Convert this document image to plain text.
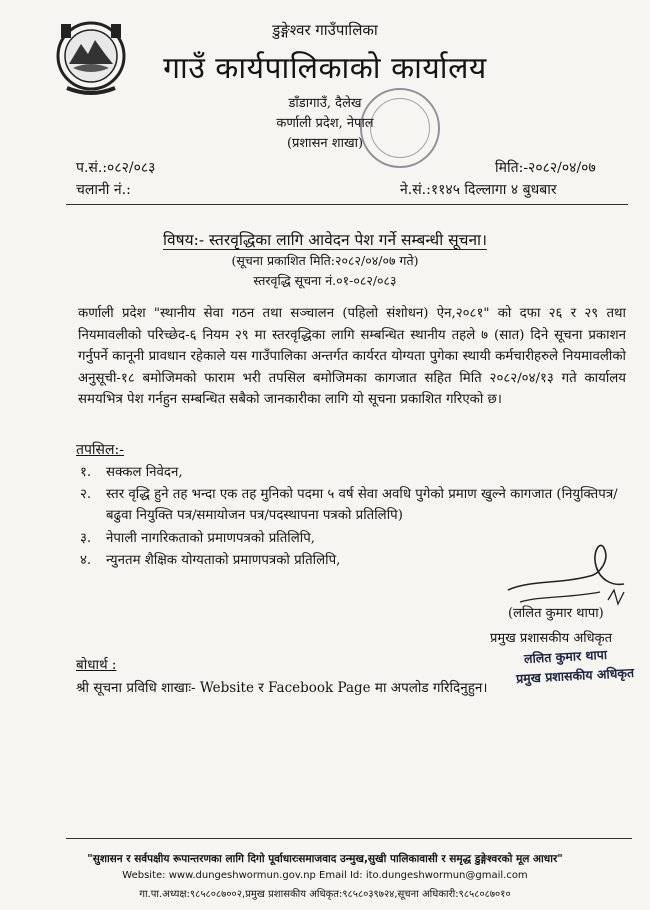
डुङ्गेश्वर गाउँपालिका
गाउँ कार्यपालिकाको कार्यालय
डाँडागाउँ, दैलेख
कर्णाली प्रदेश, नेपाल
(प्रशासन शाखा)
प.सं.:०८२/०८३
चलानी नं.:
मिति:-२०८२/०४/०७
ने.सं.:११४५ दिल्लागा ४ बुधबार
विषय:- स्तरवृद्धिका लागि आवेदन पेश गर्ने सम्बन्धी सूचना।
(सूचना प्रकाशित मिति:२०८२/०४/०७ गते)
स्तरवृद्धि सूचना नं.०१-०८२/०८३
कर्णाली प्रदेश "स्थानीय सेवा गठन तथा सञ्चालन (पहिलो संशोधन) ऐन,२०८१" को दफा २६ र २९ तथा नियमावलीको परिच्छेद-६ नियम २९ मा स्तरवृद्धिका लागि सम्बन्धित स्थानीय तहले ७ (सात) दिने सूचना प्रकाशन गर्नुपर्ने कानूनी प्रावधान रहेकाले यस गाउँपालिका अन्तर्गत कार्यरत योग्यता पुगेका स्थायी कर्मचारीहरुले नियमावलीको अनुसूची-१८ बमोजिमको फाराम भरी तपसिल बमोजिमका कागजात सहित मिति २०८२/०४/१३ गते कार्यालय समयभित्र पेश गर्नहुन सम्बन्धित सबैको जानकारीका लागि यो सूचना प्रकाशित गरिएको छ।
तपसिल:-
१.	सक्कल निवेदन,
२.	स्तर वृद्धि हुने तह भन्दा एक तह मुनिको पदमा ५ वर्ष सेवा अवधि पुगेको प्रमाण खुल्ने कागजात (नियुक्तिपत्र/बढुवा नियुक्ति पत्र/समायोजन पत्र/पदस्थापना पत्रको प्रतिलिपि)
३.	नेपाली नागरिकताको प्रमाणपत्रको प्रतिलिपि,
४.	न्युनतम शैक्षिक योग्यताको प्रमाणपत्रको प्रतिलिपि,
(ललित कुमार थापा)
प्रमुख प्रशासकीय अधिकृत
ललित कुमार थापा
प्रमुख प्रशासकीय अधिकृत
बोधार्थ :
श्री सूचना प्रविधि शाखाः- Website र Facebook Page मा अपलोड गरिदिनुहुन।
"सुशासन र सर्वपक्षीय रूपान्तरणका लागि दिगो पूर्वाधारःसमाजवाद उन्मुख,सुखी पालिकावासी र समृद्ध डुङ्गेश्वरको मूल आधार"
Website: www.dungeshwormun.gov.np Email Id: ito.dungeshwormun@gmail.com
गा.पा.अध्यक्ष:९८५८०८७००२,प्रमुख प्रशासकीय अधिकृत:९८५८०३९७२४,सूचना अधिकारी:९८५८०८७०१०
